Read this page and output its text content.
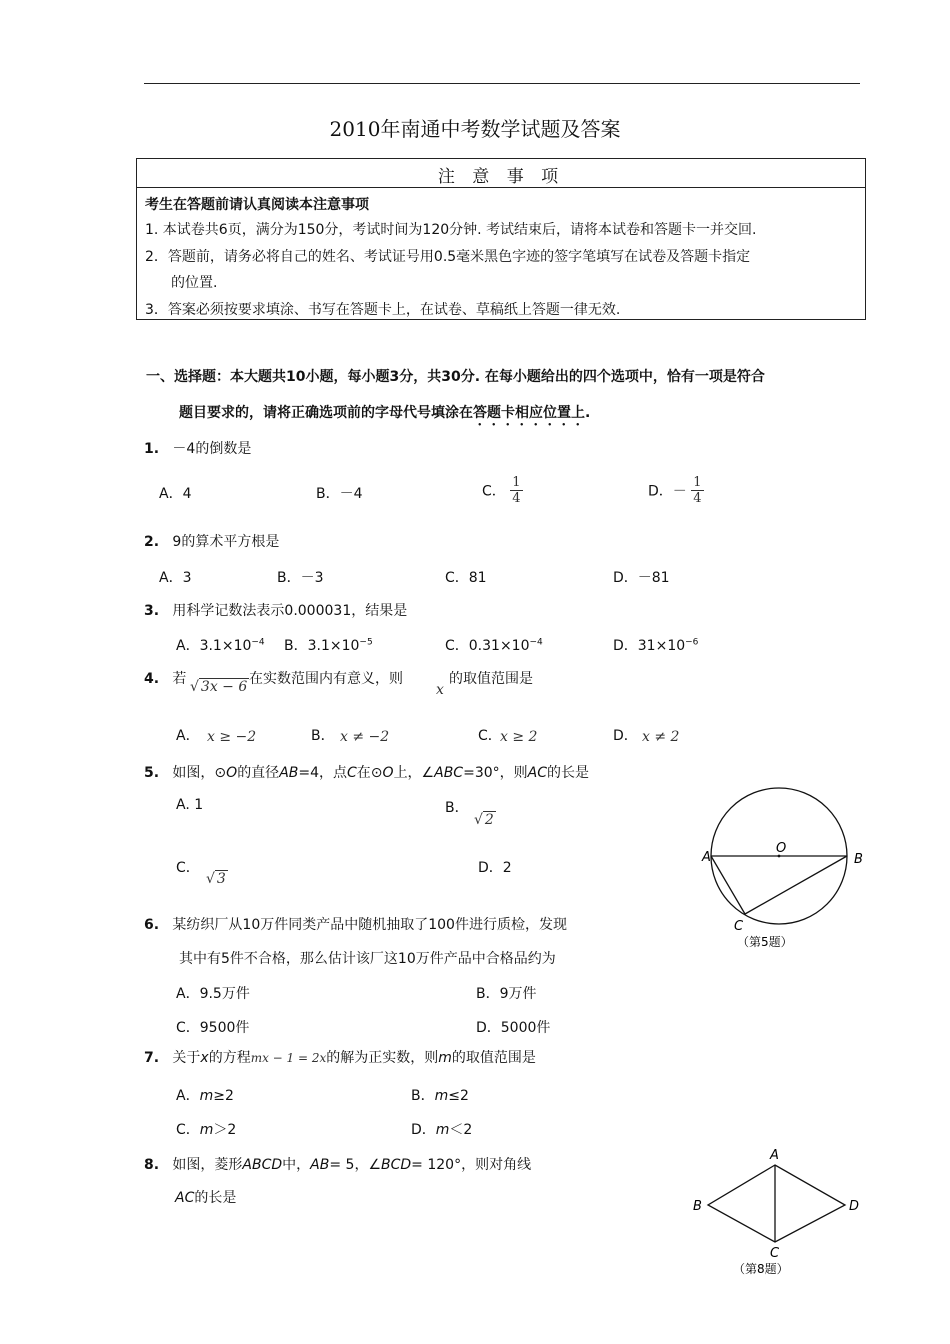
2010年南通中考数学试题及答案
注 意 事 项
考生在答题前请认真阅读本注意事项
1. 本试卷共6页，满分为150分，考试时间为120分钟. 考试结束后，请将本试卷和答题卡一并交回.
2．答题前，请务必将自己的姓名、考试证号用0.5毫米黑色字迹的签字笔填写在试卷及答题卡指定
的位置.
3．答案必须按要求填涂、书写在答题卡上，在试卷、草稿纸上答题一律无效.
一、选择题：本大题共10小题，每小题3分，共30分. 在每小题给出的四个选项中，恰有一项是符合
题目要求的，请将正确选项前的字母代号填涂在答题卡相应位置上.
1. －4的倒数是
A．4	B．－4	C． $\frac{1}{4}$	D．－ $\frac{1}{4}$
2. 9的算术平方根是
A．3	B．－3	C．81	D．－81
3. 用科学记数法表示0.000031，结果是
A．$3.1\times 10^{-4}$ B．$3.1\times 10^{-5}$	C．$0.31\times 10^{-4}$	D．$31\times 10^{-6}$
4. 若 √ 3x − 6 在实数范围内有意义，则
x
的取值范围是
A． x ≥ −2	B． x ≠ −2	C．
x ≥ 2	D． x ≠ 2
5. 如图，⊙O的直径AB=4，点C在⊙O上，∠ABC=30°，则AC的长是
A. 1	B．
√ 2
C．
√ 3
D．2
A	B
C
O
（第5题）
6. 某纺织厂从10万件同类产品中随机抽取了100件进行质检，发现
其中有5件不合格，那么估计该厂这10万件产品中合格品约为
A．9.5万件	B．9万件
C．9500件	D．5000件
7. 关于x的方程mx − 1 = 2x的解为正实数，则m的取值范围是
A．m≥2	B．m≤2
C．m＞2	D．m＜2
8. 如图，菱形ABCD中，AB= 5，∠BCD= 120°，则对角线
AC的长是
A
B
C
D
（第8题）
